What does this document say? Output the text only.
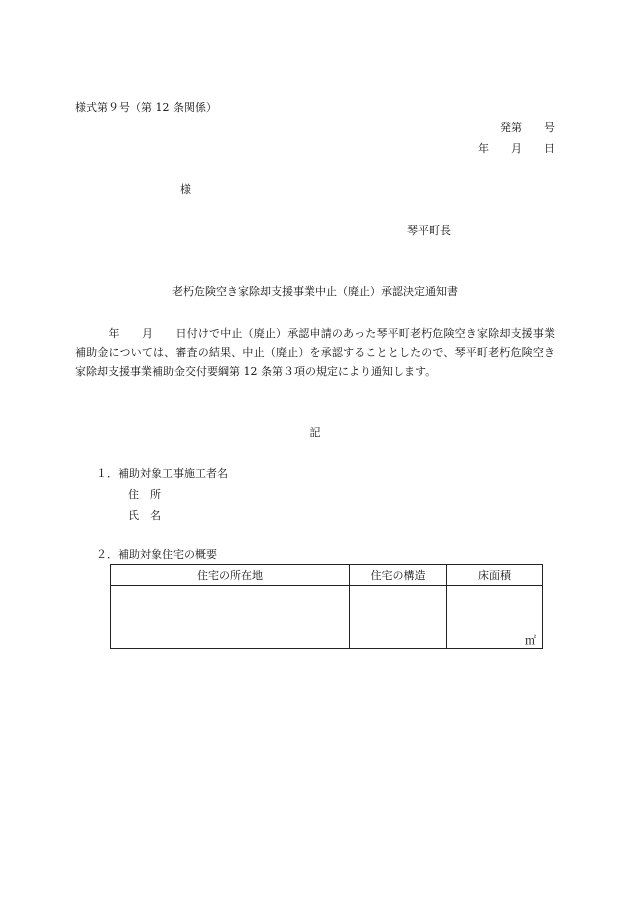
様式第９号（第 12 条関係）
発第　　号
年　　月　　日
様
琴平町長
老朽危険空き家除却支援事業中止（廃止）承認決定通知書
　　　年　　月　　日付けで中止（廃止）承認申請のあった琴平町老朽危険空き家除却支援事業補助金については、審査の結果、中止（廃止）を承認することとしたので、琴平町老朽危険空き家除却支援事業補助金交付要綱第 12 条第３項の規定により通知します。
記
１．補助対象工事施工者名
住　所
氏　名
２．補助対象住宅の概要
住宅の所在地	住宅の構造	床面積
		㎡
